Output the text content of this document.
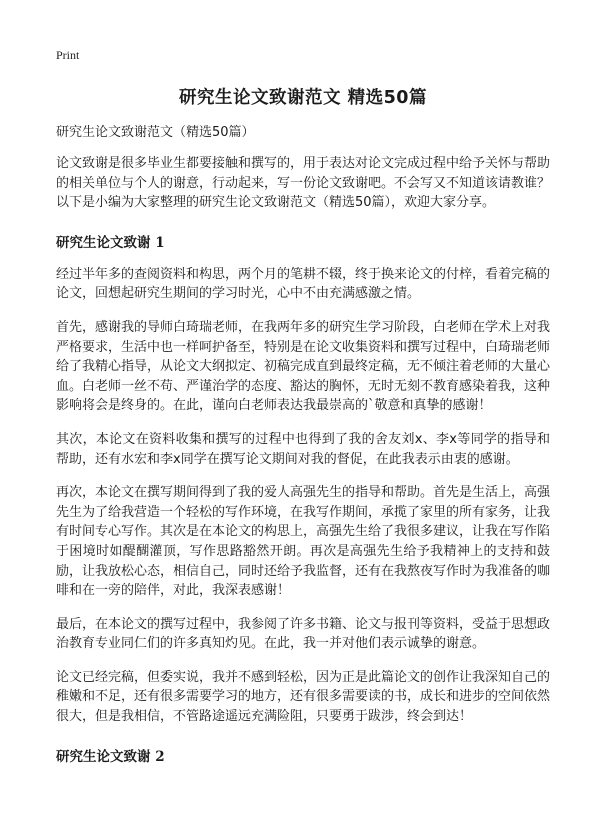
Print
研究生论文致谢范文 精选50篇

研究生论文致谢范文（精选50篇）

论文致谢是很多毕业生都要接触和撰写的，用于表达对论文完成过程中给予关怀与帮助的相关单位与个人的谢意，行动起来，写一份论文致谢吧。不会写又不知道该请教谁？以下是小编为大家整理的研究生论文致谢范文（精选50篇），欢迎大家分享。

研究生论文致谢 1

经过半年多的查阅资料和构思，两个月的笔耕不辍，终于换来论文的付梓，看着完稿的论文，回想起研究生期间的学习时光，心中不由充满感激之情。

首先，感谢我的导师白琦瑞老师，在我两年多的研究生学习阶段，白老师在学术上对我严格要求，生活中也一样呵护备至，特别是在论文收集资料和撰写过程中，白琦瑞老师给了我精心指导，从论文大纲拟定、初稿完成直到最终定稿，无不倾注着老师的大量心血。白老师一丝不苟、严谨治学的态度、豁达的胸怀，无时无刻不教育感染着我，这种影响将会是终身的。在此，谨向白老师表达我最崇高的`敬意和真挚的感谢！

其次，本论文在资料收集和撰写的过程中也得到了我的舍友刘x、李x等同学的指导和帮助，还有水宏和李x同学在撰写论文期间对我的督促，在此我表示由衷的感谢。

再次，本论文在撰写期间得到了我的爱人高强先生的指导和帮助。首先是生活上，高强先生为了给我营造一个轻松的写作环境，在我写作期间，承揽了家里的所有家务，让我有时间专心写作。其次是在本论文的构思上，高强先生给了我很多建议，让我在写作陷于困境时如醍醐灌顶，写作思路豁然开朗。再次是高强先生给予我精神上的支持和鼓励，让我放松心态，相信自己，同时还给予我监督，还有在我熬夜写作时为我准备的咖啡和在一旁的陪伴，对此，我深表感谢！

最后，在本论文的撰写过程中，我参阅了许多书籍、论文与报刊等资料，受益于思想政治教育专业同仁们的许多真知灼见。在此，我一并对他们表示诚挚的谢意。

论文已经完稿，但委实说，我并不感到轻松，因为正是此篇论文的创作让我深知自己的稚嫩和不足，还有很多需要学习的地方，还有很多需要读的书，成长和进步的空间依然很大，但是我相信，不管路途遥远充满险阻，只要勇于跋涉，终会到达！

研究生论文致谢 2
